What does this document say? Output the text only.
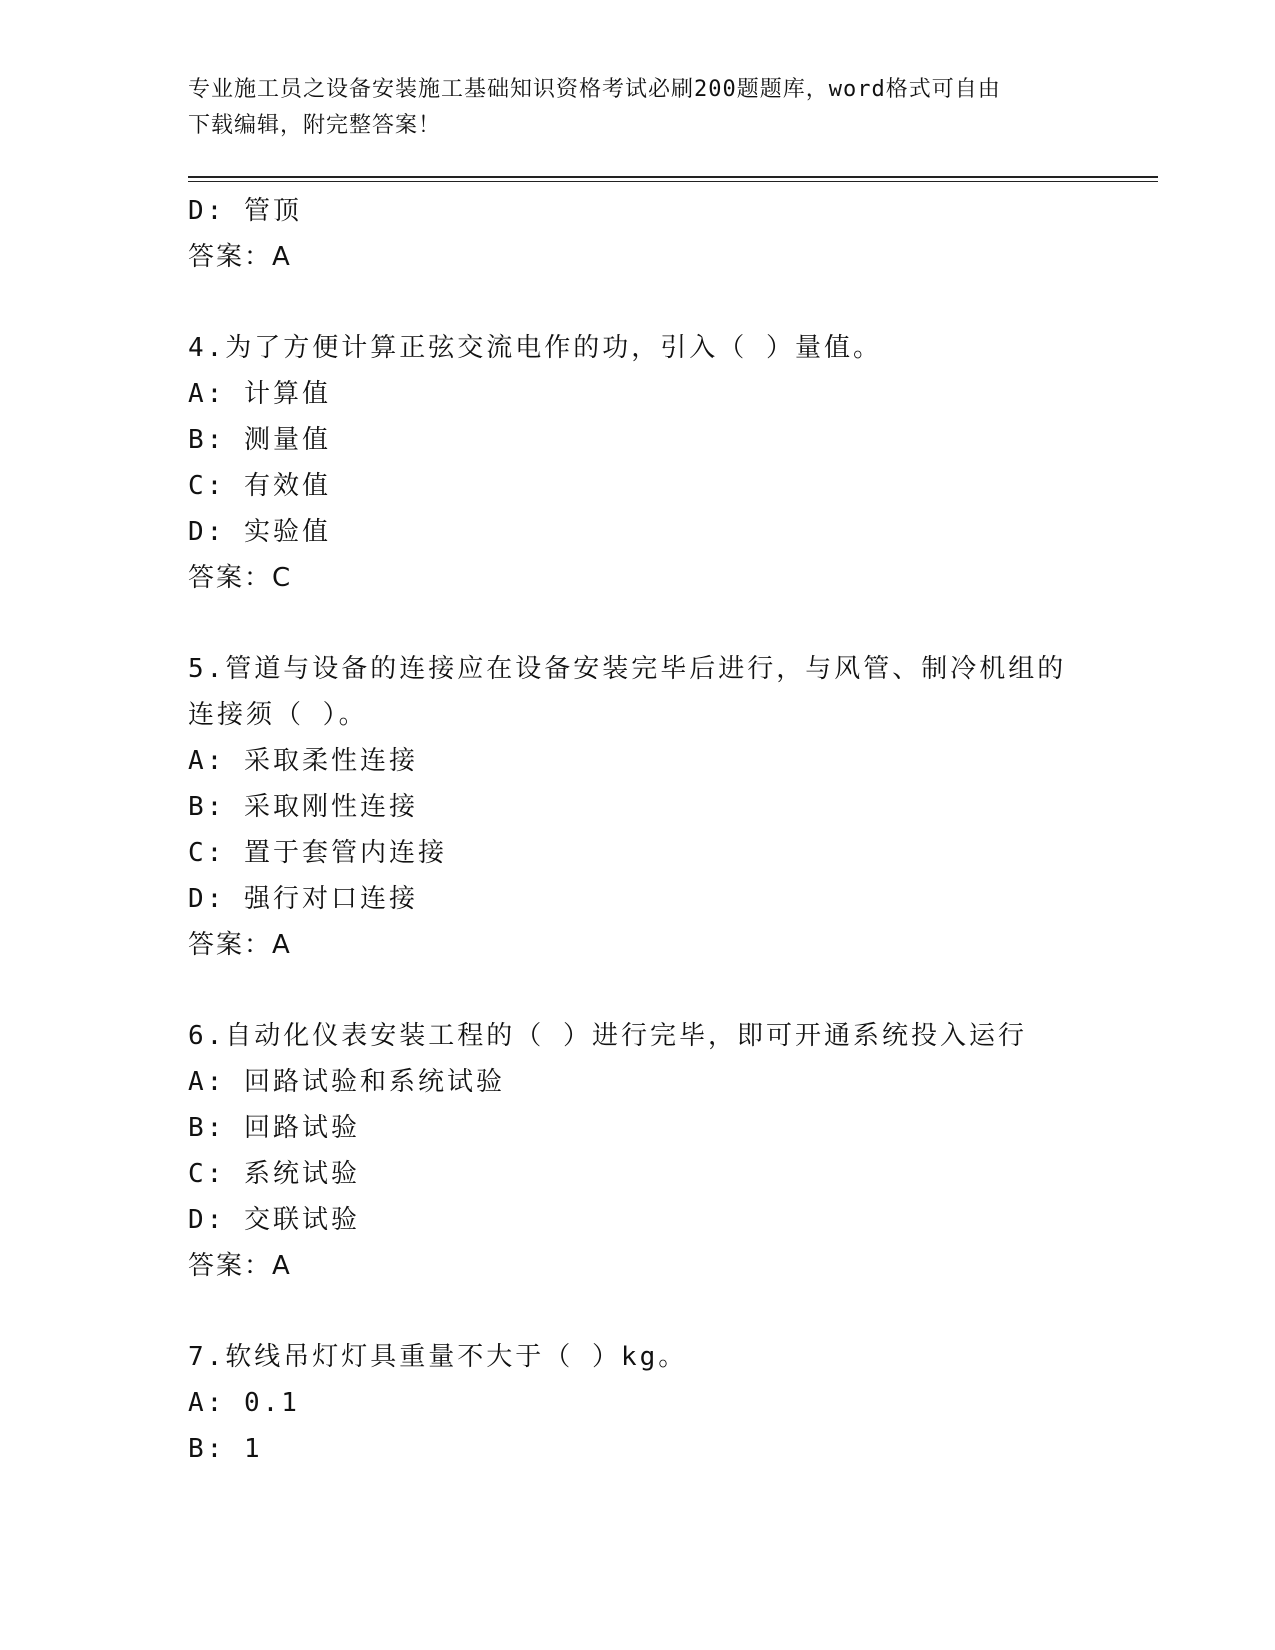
专业施工员之设备安装施工基础知识资格考试必刷200题题库，word格式可自由
下载编辑，附完整答案！

D: 管顶

答案：A

4.为了方便计算正弦交流电作的功，引入（ ）量值。

A: 计算值

B: 测量值

C: 有效值

D: 实验值

答案：C

5.管道与设备的连接应在设备安装完毕后进行，与风管、制冷机组的

连接须（ ）。

A: 采取柔性连接

B: 采取刚性连接

C: 置于套管内连接

D: 强行对口连接

答案：A

6.自动化仪表安装工程的（ ）进行完毕，即可开通系统投入运行

A: 回路试验和系统试验

B: 回路试验

C: 系统试验

D: 交联试验

答案：A

7.软线吊灯灯具重量不大于（ ）kg。

A: 0.1

B: 1
